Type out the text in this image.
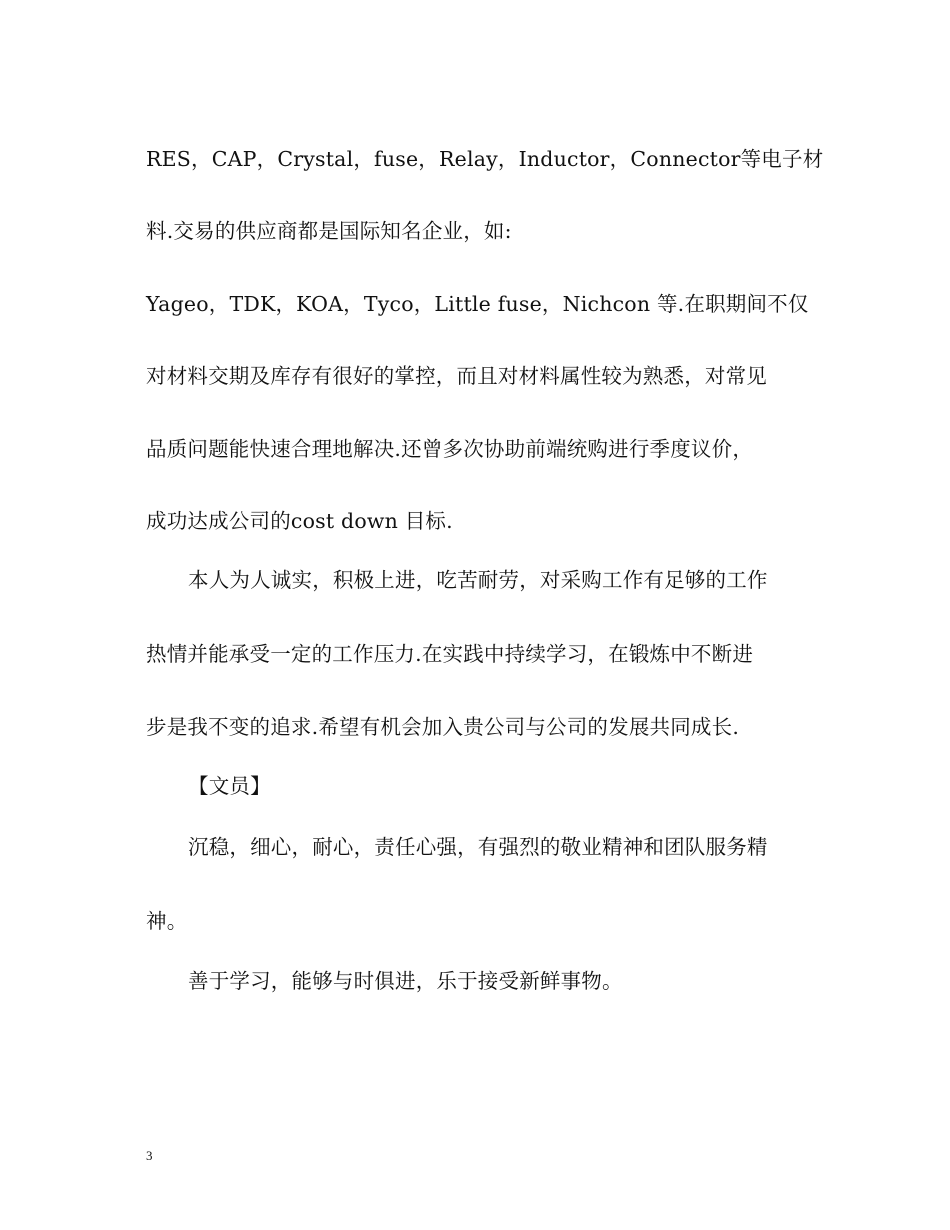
RES，CAP，Crystal，fuse，Relay，Inductor，Connector等电子材
料.交易的供应商都是国际知名企业，如:
Yageo，TDK，KOA，Tyco，Little fuse，Nichcon 等.在职期间不仅
对材料交期及库存有很好的掌控，而且对材料属性较为熟悉，对常见
品质问题能快速合理地解决.还曾多次协助前端统购进行季度议价，
成功达成公司的cost down 目标.
本人为人诚实，积极上进，吃苦耐劳，对采购工作有足够的工作
热情并能承受一定的工作压力.在实践中持续学习，在锻炼中不断进
步是我不变的追求.希望有机会加入贵公司与公司的发展共同成长.
【文员】
沉稳，细心，耐心，责任心强，有强烈的敬业精神和团队服务精
神。
善于学习，能够与时俱进，乐于接受新鲜事物。
3
